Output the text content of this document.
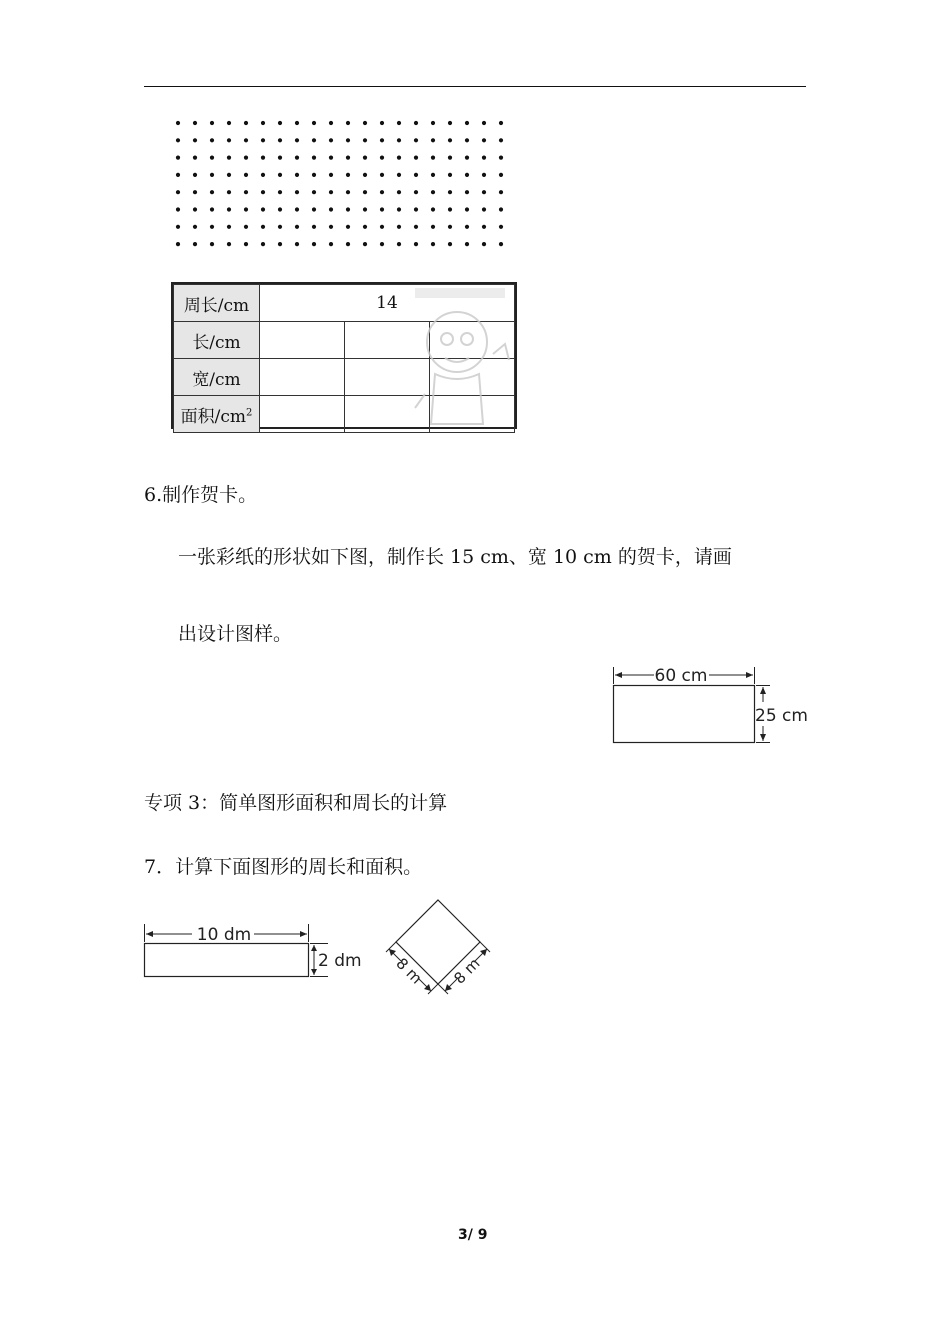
周长/cm	14		
长/cm			
宽/cm			
面积$/cm^2$			
6.制作贺卡。
一张彩纸的形状如下图，制作长 15 cm、宽 10 cm 的贺卡，请画
出设计图样。
60 cm
25 cm
专项 3：简单图形面积和周长的计算
7．计算下面图形的周长和面积。
10 dm
2 dm 8 m 8 m
3/ 9
